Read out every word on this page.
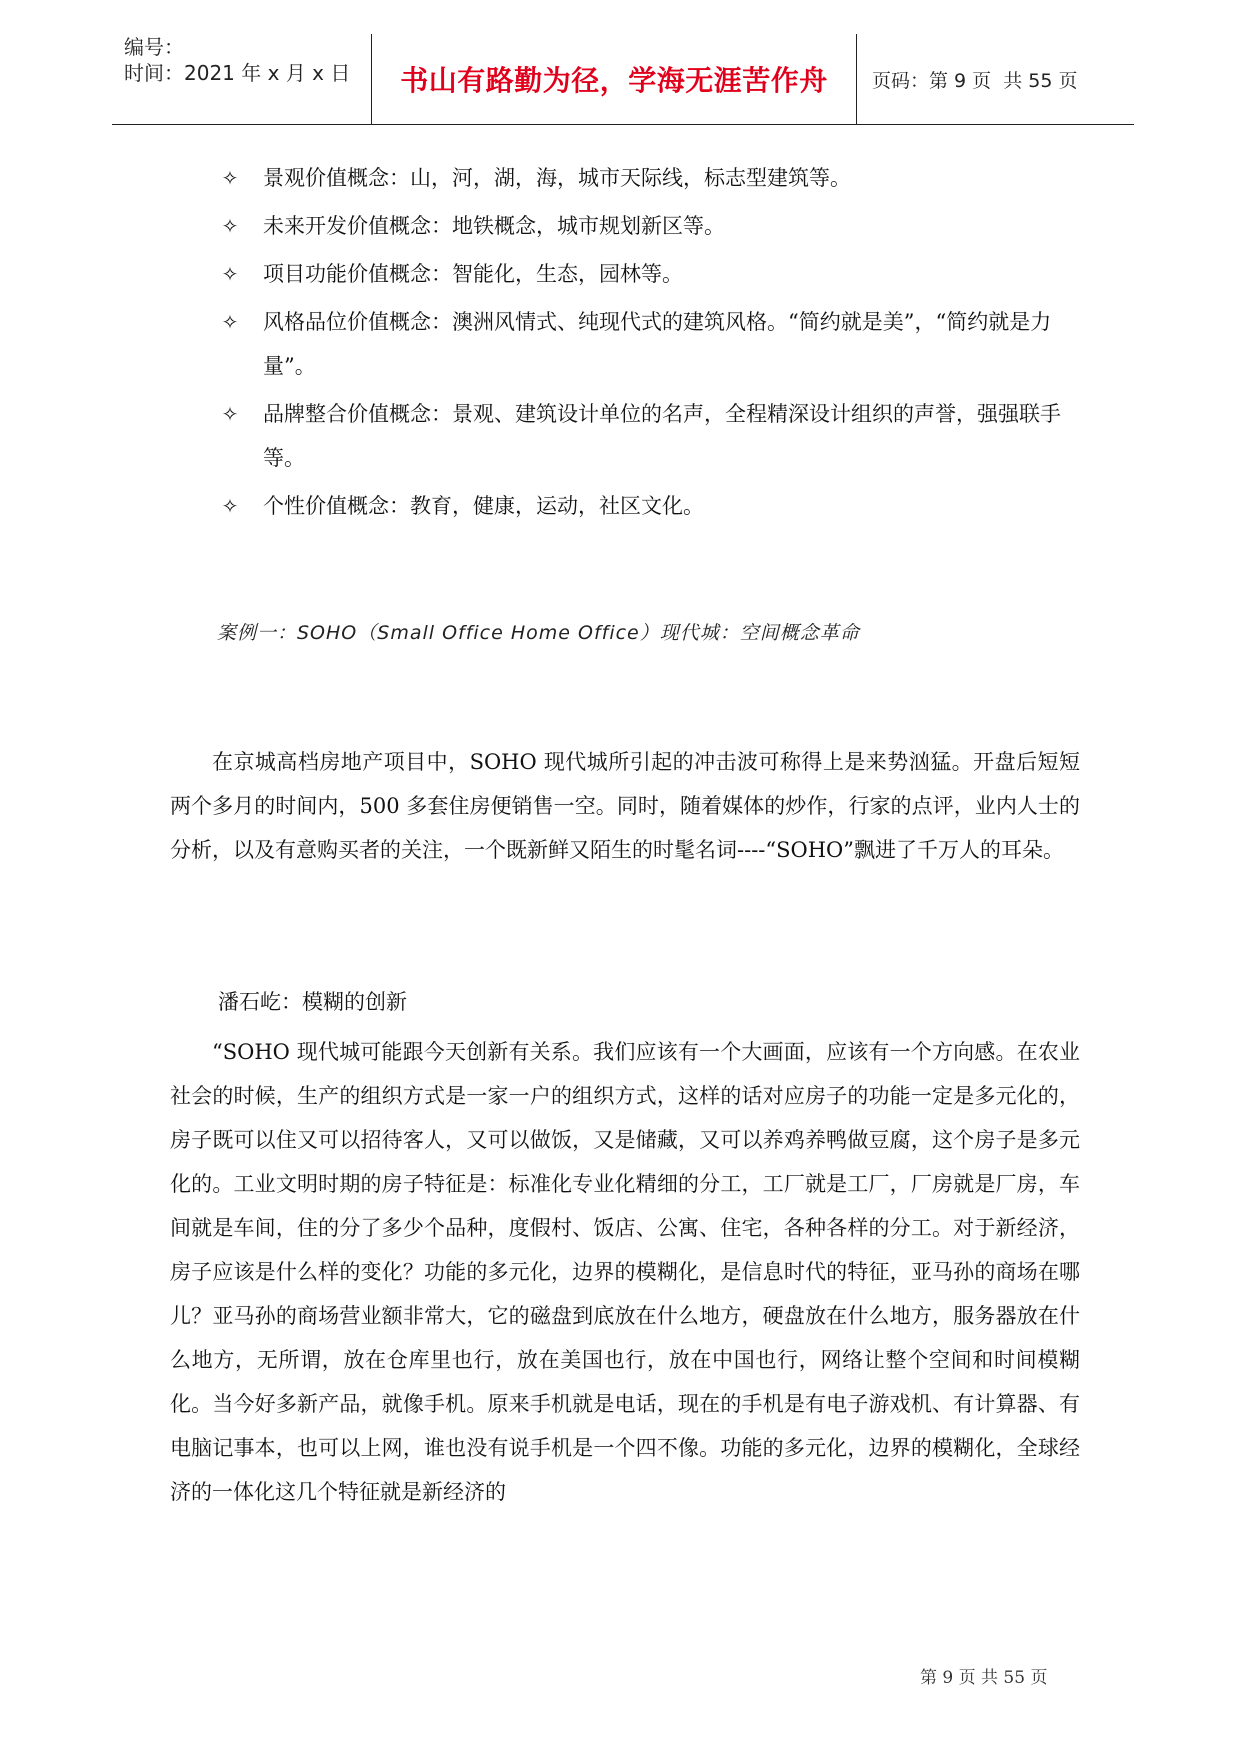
编号：
时间：2021 年 x 月 x 日	书山有路勤为径，学海无涯苦作舟	页码：第 9 页  共 55 页
✧ 景观价值概念：山，河，湖，海，城市天际线，标志型建筑等。
✧ 未来开发价值概念：地铁概念，城市规划新区等。
✧ 项目功能价值概念：智能化，生态，园林等。
✧ 风格品位价值概念：澳洲风情式、纯现代式的建筑风格。“简约就是美”，“简约就是力量”。
✧ 品牌整合价值概念：景观、建筑设计单位的名声，全程精深设计组织的声誉，强强联手等。
✧ 个性价值概念：教育，健康，运动，社区文化。
案例一：SOHO（Small Office Home Office）现代城：空间概念革命
在京城高档房地产项目中，SOHO 现代城所引起的冲击波可称得上是来势汹猛。开盘后短短两个多月的时间内，500 多套住房便销售一空。同时，随着媒体的炒作，行家的点评，业内人士的分析，以及有意购买者的关注，一个既新鲜又陌生的时髦名词----“SOHO”飘进了千万人的耳朵。
潘石屹：模糊的创新
“SOHO 现代城可能跟今天创新有关系。我们应该有一个大画面，应该有一个方向感。在农业社会的时候，生产的组织方式是一家一户的组织方式，这样的话对应房子的功能一定是多元化的，房子既可以住又可以招待客人，又可以做饭，又是储藏，又可以养鸡养鸭做豆腐，这个房子是多元化的。工业文明时期的房子特征是：标准化专业化精细的分工，工厂就是工厂，厂房就是厂房，车间就是车间，住的分了多少个品种，度假村、饭店、公寓、住宅，各种各样的分工。对于新经济，房子应该是什么样的变化？功能的多元化，边界的模糊化，是信息时代的特征，亚马孙的商场在哪儿？亚马孙的商场营业额非常大，它的磁盘到底放在什么地方，硬盘放在什么地方，服务器放在什么地方，无所谓，放在仓库里也行，放在美国也行，放在中国也行，网络让整个空间和时间模糊化。当今好多新产品，就像手机。原来手机就是电话，现在的手机是有电子游戏机、有计算器、有电脑记事本，也可以上网，谁也没有说手机是一个四不像。功能的多元化，边界的模糊化，全球经济的一体化这几个特征就是新经济的
第 9 页 共 55 页
